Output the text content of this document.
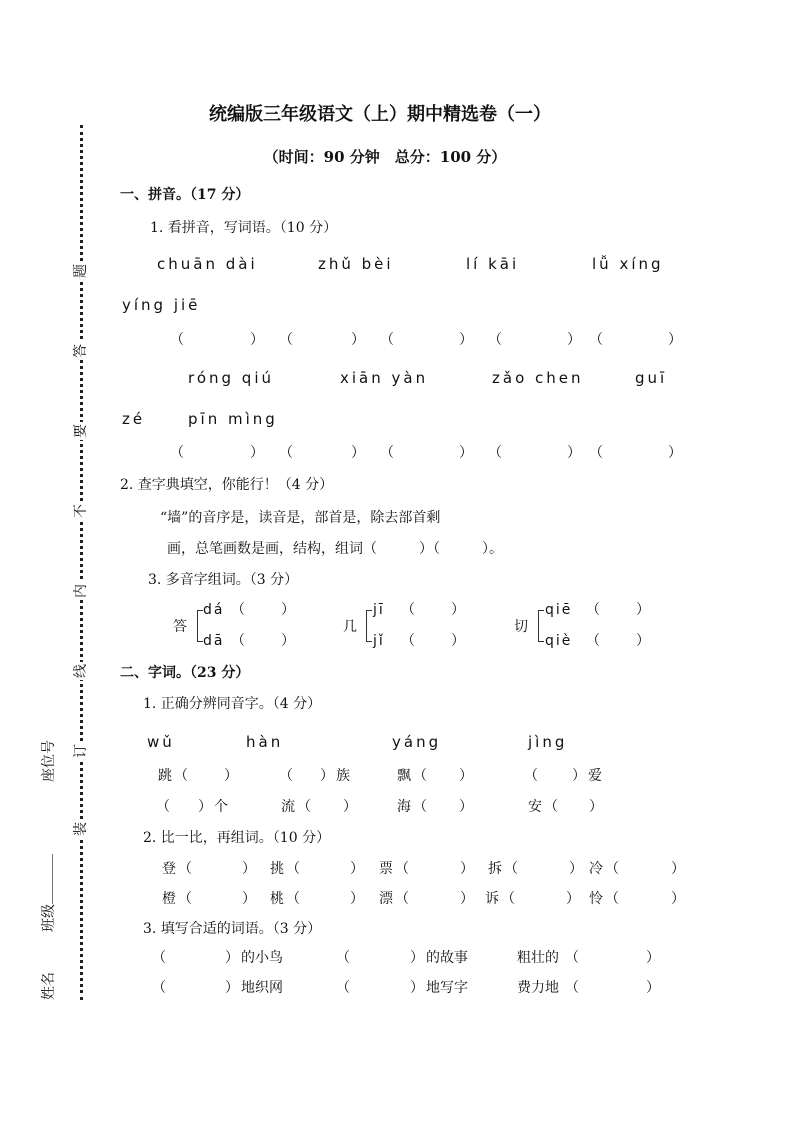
题
答
要
不
内
线
订
装
座位号
班级
姓名
统编版三年级语文（上）期中精选卷（一）
（时间：90 分钟　总分：100 分）
一、拼音。（17 分）
1. 看拼音，写词语。（10 分）
chuān dài	zhǔ bèi	lí kāi	lǚ xíng
yíng jiē
（	） （	） （	） （	） （	）
róng qiú	xiān yàn	zǎo chen	guī
zé	pīn mìng
（	） （	） （	） （	） （	）
2. 查字典填空，你能行！（4 分）
“墙”的音序是，读音是，部首是，除去部首剩
画，总笔画数是画，结构，组词（　　　）（　　　）。
3. 多音字组词。（3 分）
答
dá （	）
dā （	）
几
jī （	）
jǐ （	）
切
qiē （	）
qiè （	）
二、字词。（23 分）
1. 正确分辨同音字。（4 分）
wǔ	hàn	yáng	jìng
跳 （	）	（ ） 族	飘 （ ）	（ ） 爱
（ ） 个	流 （ ）	海 （ ）	安 （ ）
2. 比一比，再组词。（10 分）
登 （	） 挑 （	） 票 （	） 拆 （	） 冷 （	）
橙 （	） 桃 （	） 漂 （	） 诉 （	） 怜 （	）
3. 填写合适的词语。（3 分）
（	） 的小鸟	（	） 的故事	粗壮的 （	）
（	） 地织网	（	） 地写字	费力地 （	）
